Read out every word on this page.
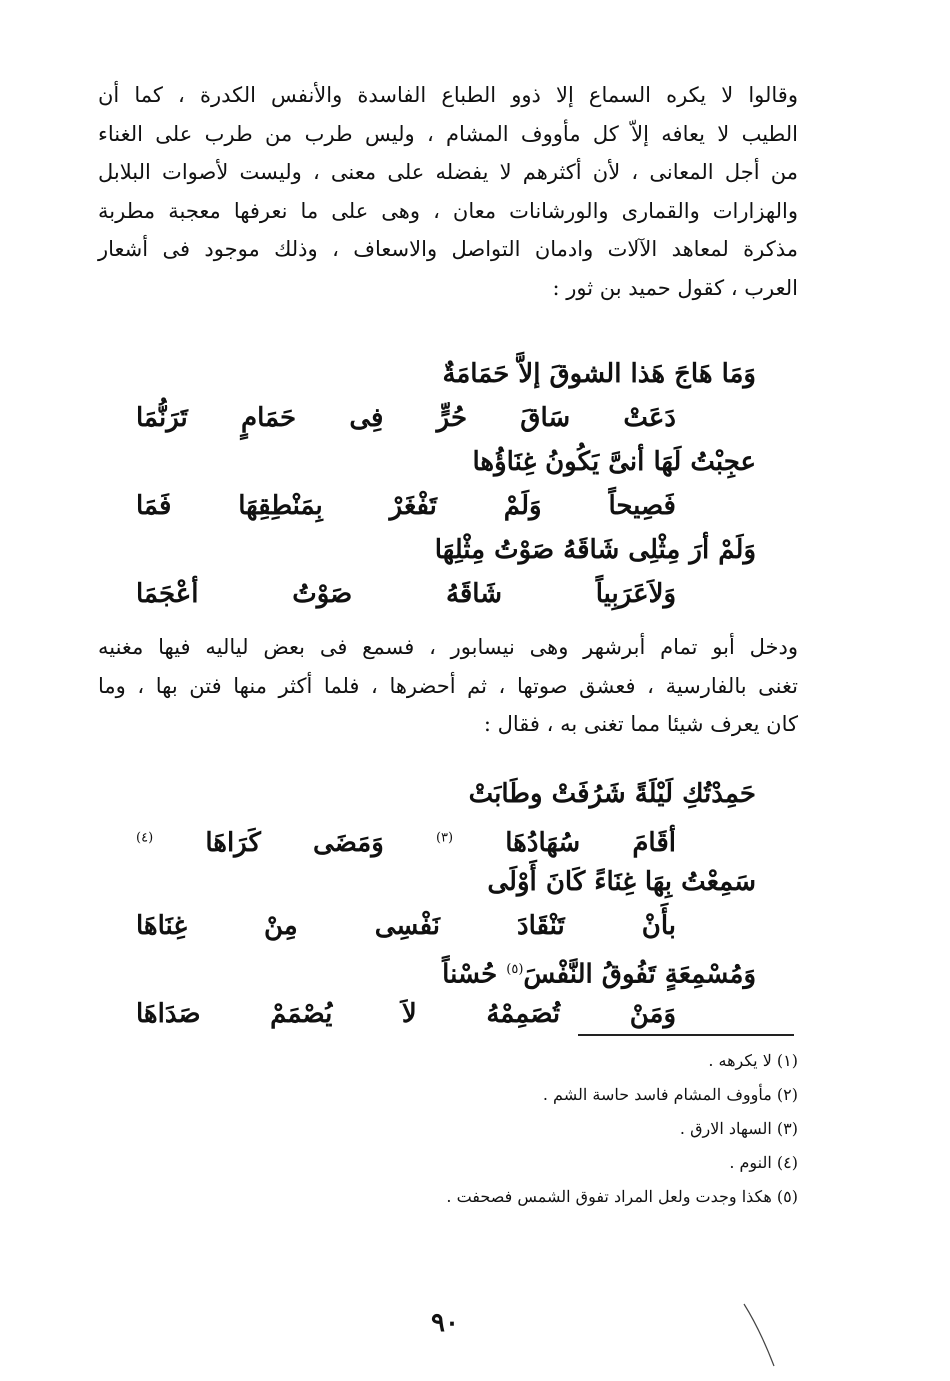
وقالوا لا يكره السماع إلا ذوو الطباع الفاسدة والأنفس الكدرة ، كما أن
الطيب لا يعافه إلاّ كل مأووف المشام ، وليس طرب من طرب على الغناء
من أجل المعانى ، لأن أكثرهم لا يفضله على معنى ، وليست لأصوات البلابل
والهزارات والقمارى والورشانات معان ، وهى على ما نعرفها معجبة مطربة
مذكرة لمعاهد الآلات وادمان التواصل والاسعاف ، وذلك موجود فى أشعار
العرب ، كقول حميد بن ثور :
وَمَا هَاجَ هَذا الشوقَ إلاَّ حَمَامَةٌ
دَعَتْ سَاقَ حُرٍّ فِى حَمَامٍ تَرَنُّمَا
عجِبْتُ لَهَا أنىَّ يَكُونُ غِنَاؤُها
فَصِيحاً وَلَمْ تَفْغَرْ بِمَنْطِقِهَا فَمَا
وَلَمْ أرَ مِثْلِى شَاقَهُ صَوْتُ مِثْلِهَا
وَلاَعَرَبِياً شَاقَهُ صَوْتُ أعْجَمَا
ودخل أبو تمام أبرشهر وهى نيسابور ، فسمع فى بعض لياليه فيها مغنيه
تغنى بالفارسية ، فعشق صوتها ، ثم أحضرها ، فلما أكثر منها فتن بها ، وما
كان يعرف شيئا مما تغنى به ، فقال :
حَمِدْتُكِ لَيْلَةً شَرُفَتْ وطَابَتْ
أقَامَ سُهَادُهَا $^{(٣)}$ وَمَضَى كَرَاهَا $^{(٤)}$
سَمِعْتُ بِهَا غِنَاءً كَانَ أَوْلَى
بأَنْ تَنْقَادَ نَفْسِى مِنْ غِنَاهَا
وَمُسْمِعَةٍ تَفُوقُ النَّفْسَ$^{(٥)}$ حُسْناً
وَمَنْ تُصَمِمْهُ لاَ يُصْمَمْ صَدَاهَا
(١) لا يكرهه .
(٢) مأووف المشام فاسد حاسة الشم .
(٣) السهاد الارق .
(٤) النوم .
(٥) هكذا وجدت ولعل المراد تفوق الشمس فصحفت .
٩٠
